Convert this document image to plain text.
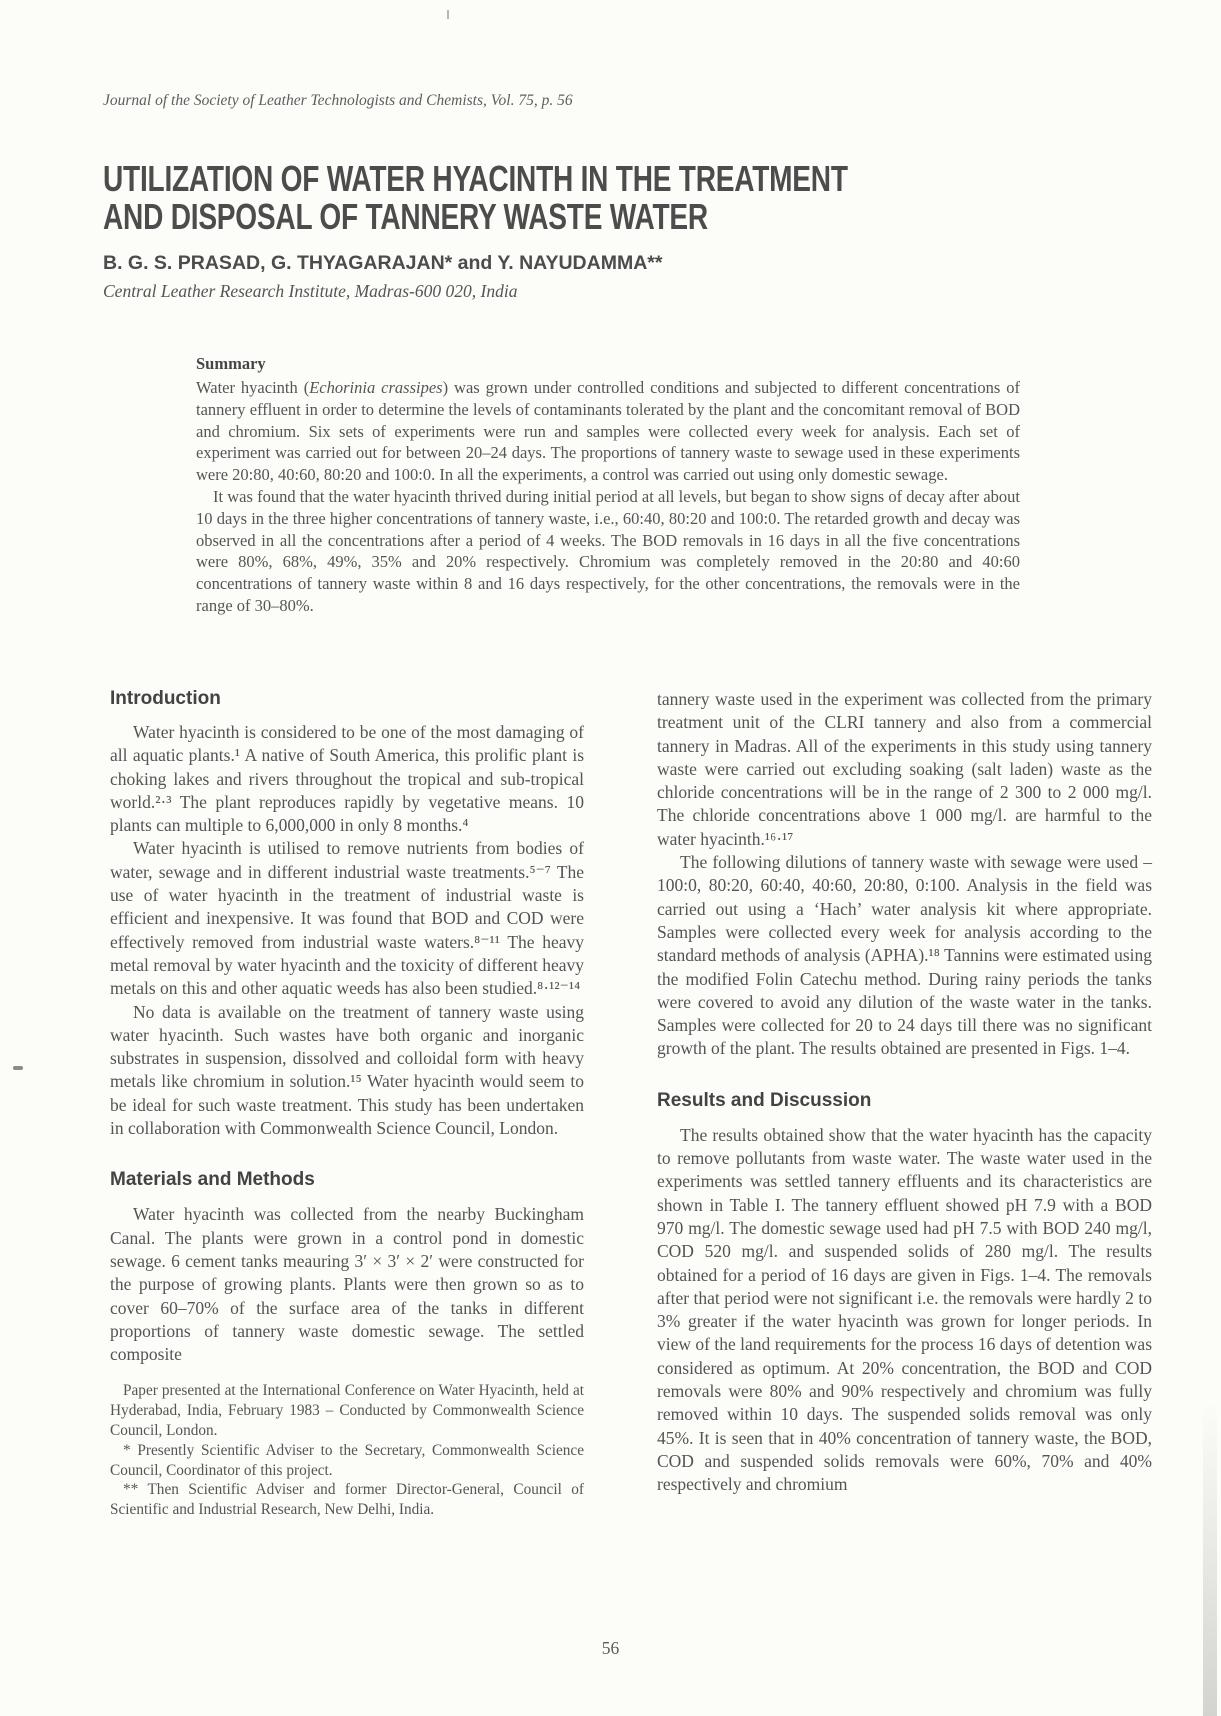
Journal of the Society of Leather Technologists and Chemists, Vol. 75, p. 56
UTILIZATION OF WATER HYACINTH IN THE TREATMENT
AND DISPOSAL OF TANNERY WASTE WATER
B. G. S. PRASAD, G. THYAGARAJAN* and Y. NAYUDAMMA**
Central Leather Research Institute, Madras-600 020, India
Summary

Water hyacinth (Echorinia crassipes) was grown under controlled conditions and subjected to different concentrations of tannery effluent in order to determine the levels of contaminants tolerated by the plant and the concomitant removal of BOD and chromium. Six sets of experiments were run and samples were collected every week for analysis. Each set of experiment was carried out for between 20–24 days. The proportions of tannery waste to sewage used in these experiments were 20:80, 40:60, 80:20 and 100:0. In all the experiments, a control was carried out using only domestic sewage.

It was found that the water hyacinth thrived during initial period at all levels, but began to show signs of decay after about 10 days in the three higher concentrations of tannery waste, i.e., 60:40, 80:20 and 100:0. The retarded growth and decay was observed in all the concentrations after a period of 4 weeks. The BOD removals in 16 days in all the five concentrations were 80%, 68%, 49%, 35% and 20% respectively. Chromium was completely removed in the 20:80 and 40:60 concentrations of tannery waste within 8 and 16 days respectively, for the other concentrations, the removals were in the range of 30–80%.

Introduction

Water hyacinth is considered to be one of the most damaging of all aquatic plants.¹ A native of South America, this prolific plant is choking lakes and rivers throughout the tropical and sub-tropical world.²·³ The plant reproduces rapidly by vegetative means. 10 plants can multiple to 6,000,000 in only 8 months.⁴

Water hyacinth is utilised to remove nutrients from bodies of water, sewage and in different industrial waste treatments.⁵⁻⁷ The use of water hyacinth in the treatment of industrial waste is efficient and inexpensive. It was found that BOD and COD were effectively removed from industrial waste waters.⁸⁻¹¹ The heavy metal removal by water hyacinth and the toxicity of different heavy metals on this and other aquatic weeds has also been studied.⁸·¹²⁻¹⁴

No data is available on the treatment of tannery waste using water hyacinth. Such wastes have both organic and inorganic substrates in suspension, dissolved and colloidal form with heavy metals like chromium in solution.¹⁵ Water hyacinth would seem to be ideal for such waste treatment. This study has been undertaken in collaboration with Commonwealth Science Council, London.

Materials and Methods

Water hyacinth was collected from the nearby Buckingham Canal. The plants were grown in a control pond in domestic sewage. 6 cement tanks meauring 3′ × 3′ × 2′ were constructed for the purpose of growing plants. Plants were then grown so as to cover 60–70% of the surface area of the tanks in different proportions of tannery waste domestic sewage. The settled composite

Paper presented at the International Conference on Water Hyacinth, held at Hyderabad, India, February 1983 – Conducted by Commonwealth Science Council, London.

* Presently Scientific Adviser to the Secretary, Commonwealth Science Council, Coordinator of this project.

** Then Scientific Adviser and former Director-General, Council of Scientific and Industrial Research, New Delhi, India.

tannery waste used in the experiment was collected from the primary treatment unit of the CLRI tannery and also from a commercial tannery in Madras. All of the experiments in this study using tannery waste were carried out excluding soaking (salt laden) waste as the chloride concentrations will be in the range of 2 300 to 2 000 mg/l. The chloride concentrations above 1 000 mg/l. are harmful to the water hyacinth.¹⁶·¹⁷

The following dilutions of tannery waste with sewage were used – 100:0, 80:20, 60:40, 40:60, 20:80, 0:100. Analysis in the field was carried out using a ‘Hach’ water analysis kit where appropriate. Samples were collected every week for analysis according to the standard methods of analysis (APHA).¹⁸ Tannins were estimated using the modified Folin Catechu method. During rainy periods the tanks were covered to avoid any dilution of the waste water in the tanks. Samples were collected for 20 to 24 days till there was no significant growth of the plant. The results obtained are presented in Figs. 1–4.

Results and Discussion

The results obtained show that the water hyacinth has the capacity to remove pollutants from waste water. The waste water used in the experiments was settled tannery effluents and its characteristics are shown in Table I. The tannery effluent showed pH 7.9 with a BOD 970 mg/l. The domestic sewage used had pH 7.5 with BOD 240 mg/l, COD 520 mg/l. and suspended solids of 280 mg/l. The results obtained for a period of 16 days are given in Figs. 1–4. The removals after that period were not significant i.e. the removals were hardly 2 to 3% greater if the water hyacinth was grown for longer periods. In view of the land requirements for the process 16 days of detention was considered as optimum. At 20% concentration, the BOD and COD removals were 80% and 90% respectively and chromium was fully removed within 10 days. The suspended solids removal was only 45%. It is seen that in 40% concentration of tannery waste, the BOD, COD and suspended solids removals were 60%, 70% and 40% respectively and chromium

56
